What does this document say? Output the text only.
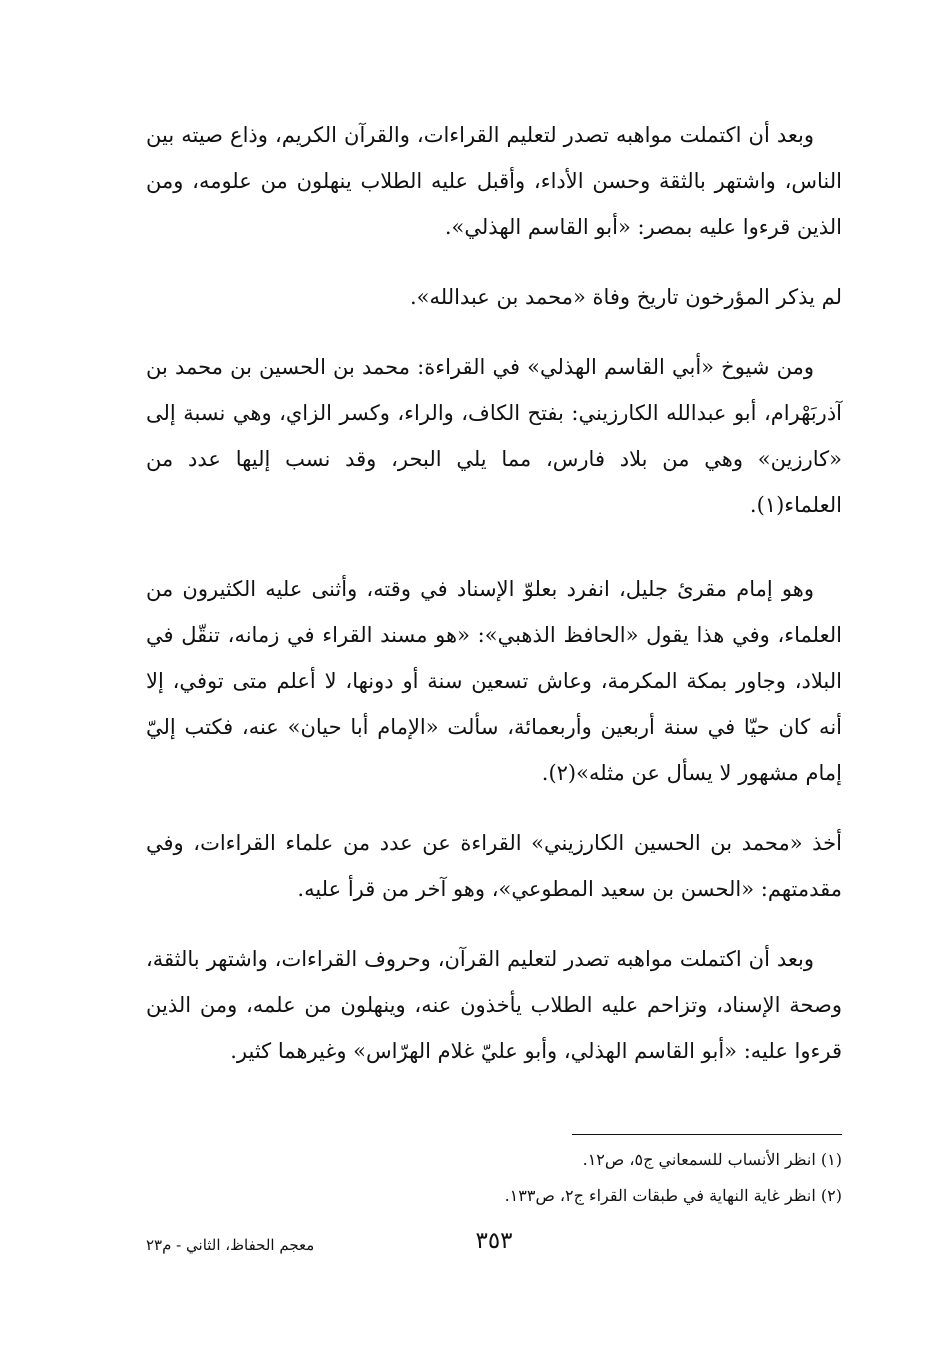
وبعد أن اكتملت مواهبه تصدر لتعليم القراءات، والقرآن الكريم، وذاع صيته بين الناس، واشتهر بالثقة وحسن الأداء، وأقبل عليه الطلاب ينهلون من علومه، ومن الذين قرءوا عليه بمصر: «أبو القاسم الهذلي».

لم يذكر المؤرخون تاريخ وفاة «محمد بن عبدالله».

ومن شيوخ «أبي القاسم الهذلي» في القراءة: محمد بن الحسين بن محمد بن آذربَهْرام، أبو عبدالله الكارزيني: بفتح الكاف، والراء، وكسر الزاي، وهي نسبة إلى «كارزين» وهي من بلاد فارس، مما يلي البحر، وقد نسب إليها عدد من العلماء(١).

وهو إمام مقرئ جليل، انفرد بعلوّ الإسناد في وقته، وأثنى عليه الكثيرون من العلماء، وفي هذا يقول «الحافظ الذهبي»: «هو مسند القراء في زمانه، تنقّل في البلاد، وجاور بمكة المكرمة، وعاش تسعين سنة أو دونها، لا أعلم متى توفي، إلا أنه كان حيّا في سنة أربعين وأربعمائة، سألت «الإمام أبا حيان» عنه، فكتب إليّ إمام مشهور لا يسأل عن مثله»(٢).

أخذ «محمد بن الحسين الكارزيني» القراءة عن عدد من علماء القراءات، وفي مقدمتهم: «الحسن بن سعيد المطوعي»، وهو آخر من قرأ عليه.

وبعد أن اكتملت مواهبه تصدر لتعليم القرآن، وحروف القراءات، واشتهر بالثقة، وصحة الإسناد، وتزاحم عليه الطلاب يأخذون عنه، وينهلون من علمه، ومن الذين قرءوا عليه: «أبو القاسم الهذلي، وأبو عليّ غلام الهرّاس» وغيرهما كثير.

(١) انظر الأنساب للسمعاني ج٥، ص١٢.

(٢) انظر غاية النهاية في طبقات القراء ج٢، ص١٣٣.

٣٥٣
معجم الحفاظ، الثاني - م٢٣
